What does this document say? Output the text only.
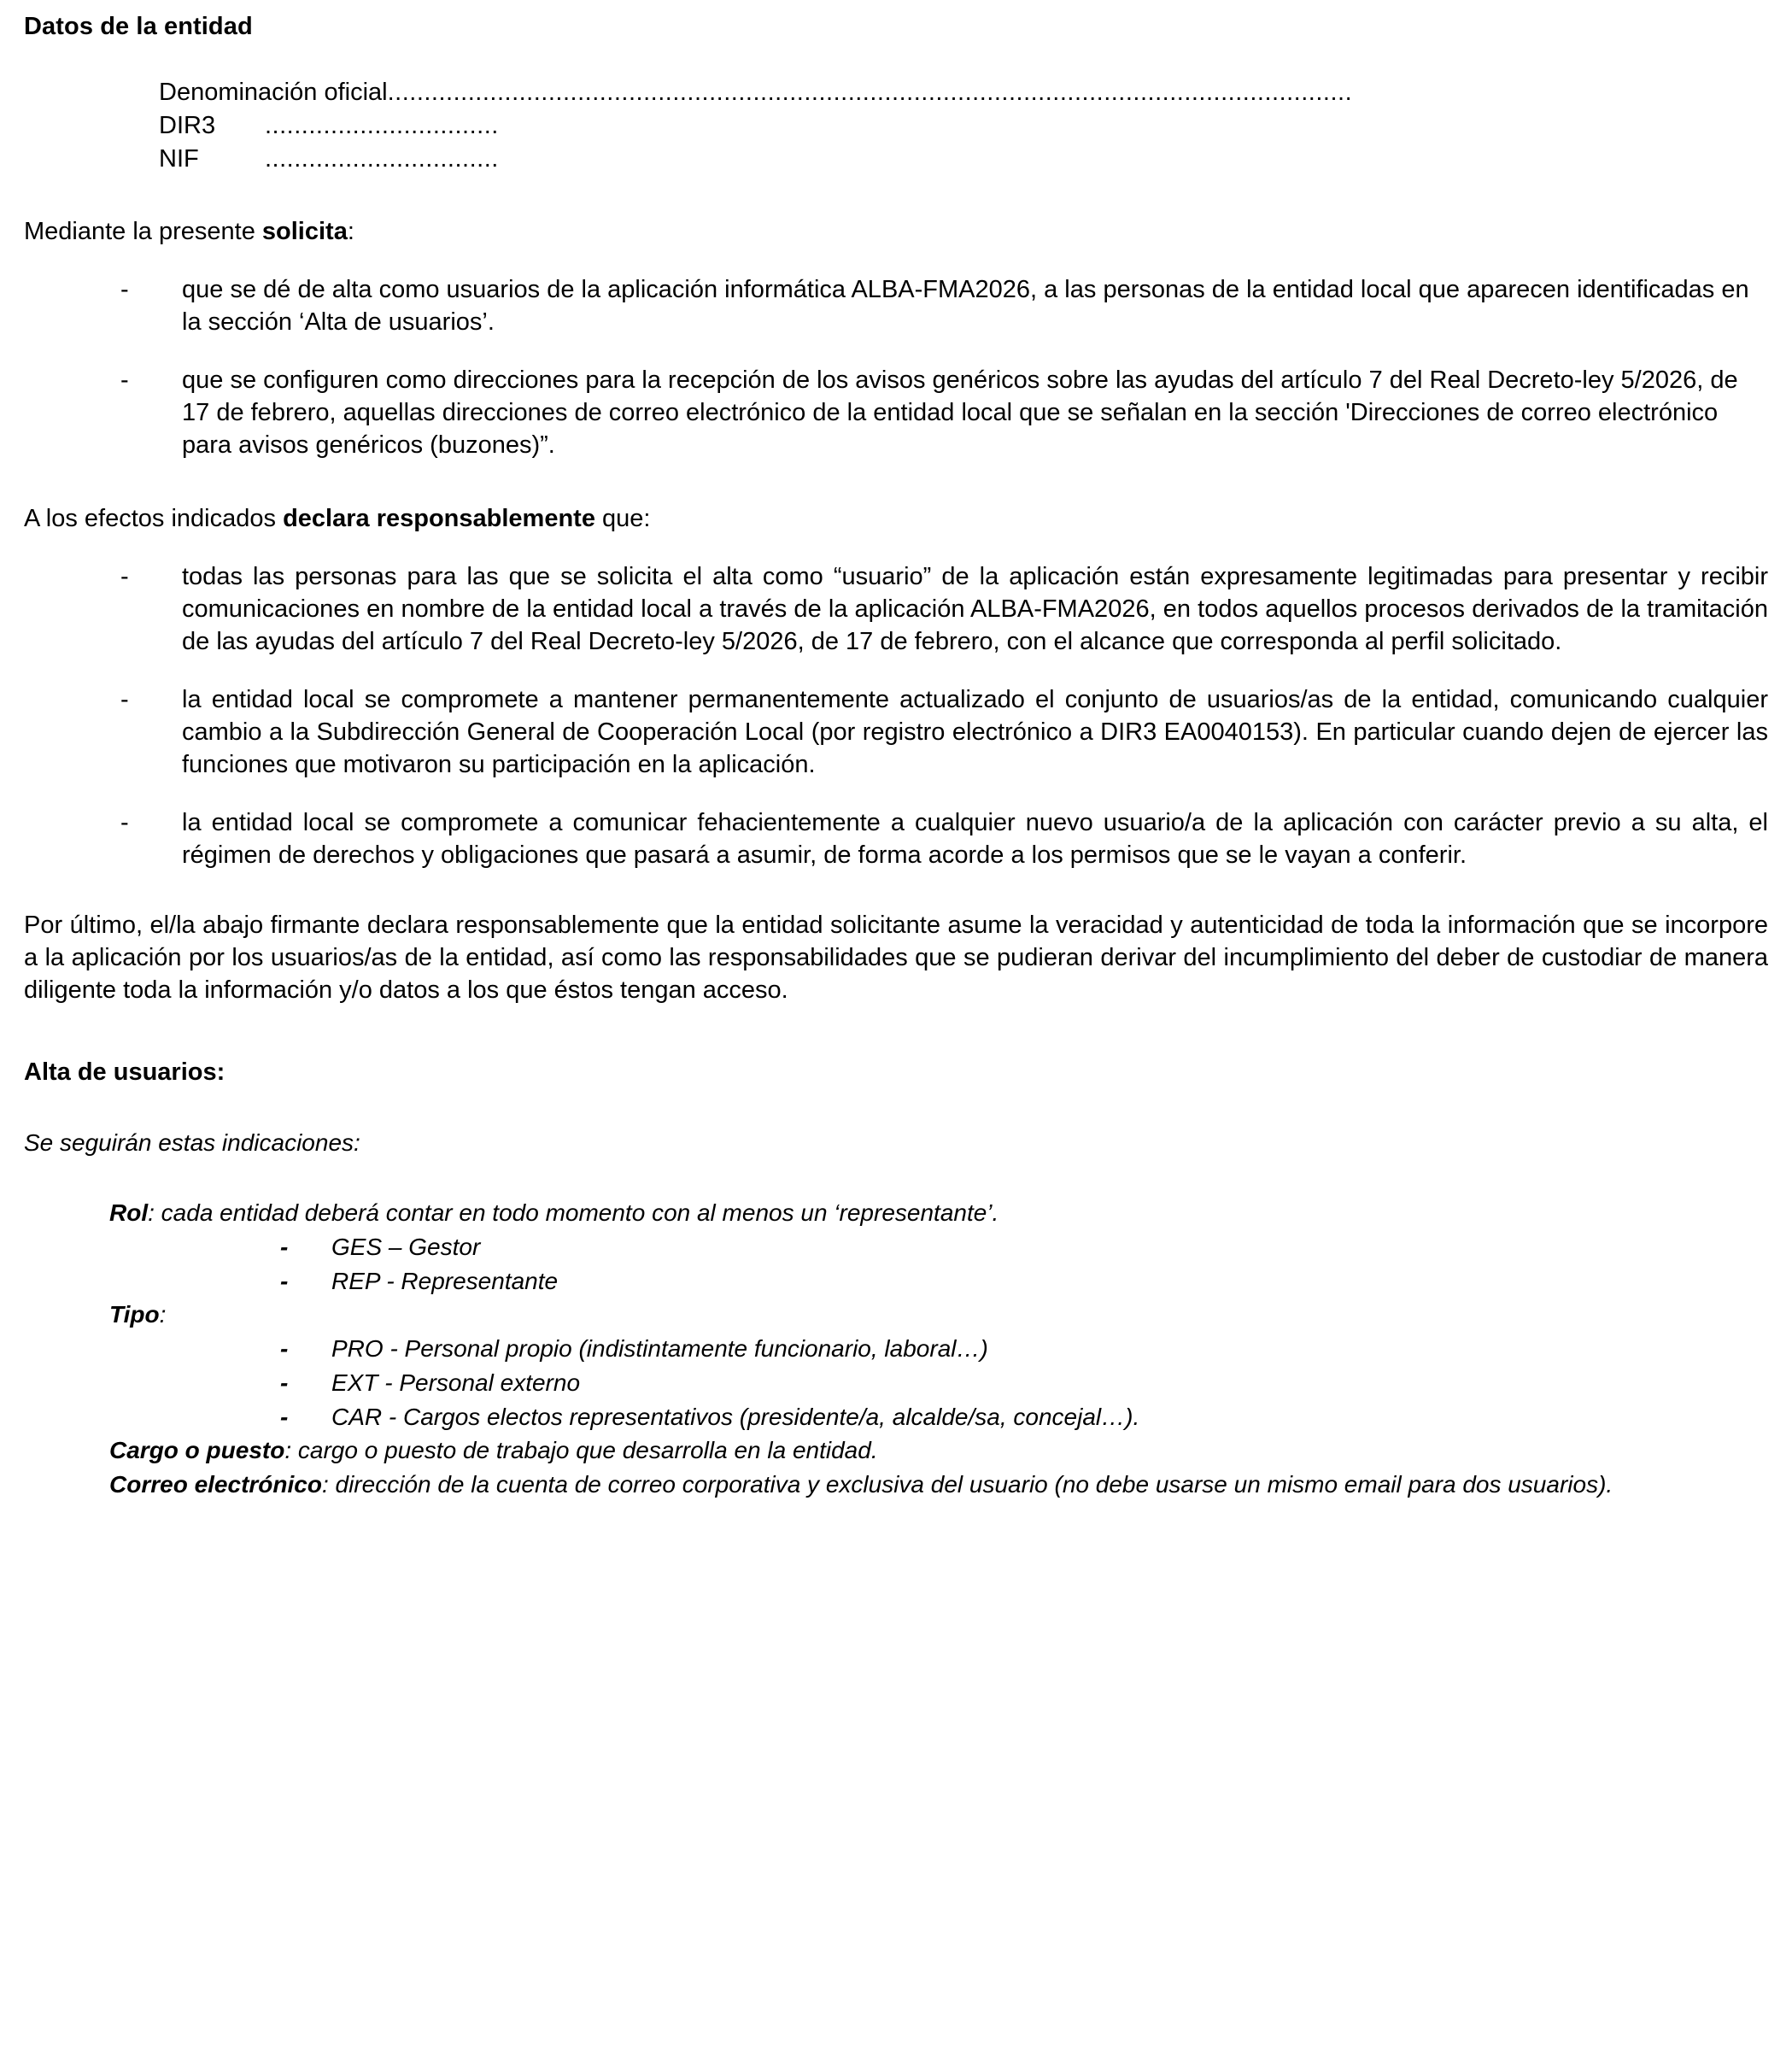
Datos de la entidad
Denominación oficial ....................................................................................................................................
DIR3	................................
NIF	................................
Mediante la presente solicita:
- que se dé de alta como usuarios de la aplicación informática ALBA-FMA2026, a las personas de la entidad local que aparecen identificadas en la sección ‘Alta de usuarios’.
- que se configuren como direcciones para la recepción de los avisos genéricos sobre las ayudas del artículo 7 del Real Decreto-ley 5/2026, de 17 de febrero, aquellas direcciones de correo electrónico de la entidad local que se señalan en la sección 'Direcciones de correo electrónico para avisos genéricos (buzones)”.
A los efectos indicados declara responsablemente que:
- todas las personas para las que se solicita el alta como “usuario” de la aplicación están expresamente legitimadas para presentar y recibir comunicaciones en nombre de la entidad local a través de la aplicación ALBA-FMA2026, en todos aquellos procesos derivados de la tramitación de las ayudas del artículo 7 del Real Decreto-ley 5/2026, de 17 de febrero, con el alcance que corresponda al perfil solicitado.
- la entidad local se compromete a mantener permanentemente actualizado el conjunto de usuarios/as de la entidad, comunicando cualquier cambio a la Subdirección General de Cooperación Local (por registro electrónico a DIR3 EA0040153). En particular cuando dejen de ejercer las funciones que motivaron su participación en la aplicación.
- la entidad local se compromete a comunicar fehacientemente a cualquier nuevo usuario/a de la aplicación con carácter previo a su alta, el régimen de derechos y obligaciones que pasará a asumir, de forma acorde a los permisos que se le vayan a conferir.
Por último, el/la abajo firmante declara responsablemente que la entidad solicitante asume la veracidad y autenticidad de toda la información que se incorpore a la aplicación por los usuarios/as de la entidad, así como las responsabilidades que se pudieran derivar del incumplimiento del deber de custodiar de manera diligente toda la información y/o datos a los que éstos tengan acceso.
Alta de usuarios:
Se seguirán estas indicaciones:
Rol: cada entidad deberá contar en todo momento con al menos un ‘representante’.
- GES – Gestor
- REP - Representante
Tipo:
- PRO - Personal propio (indistintamente funcionario, laboral…)
- EXT - Personal externo
- CAR - Cargos electos representativos (presidente/a, alcalde/sa, concejal…).
Cargo o puesto: cargo o puesto de trabajo que desarrolla en la entidad.
Correo electrónico: dirección de la cuenta de correo corporativa y exclusiva del usuario (no debe usarse un mismo email para dos usuarios).
